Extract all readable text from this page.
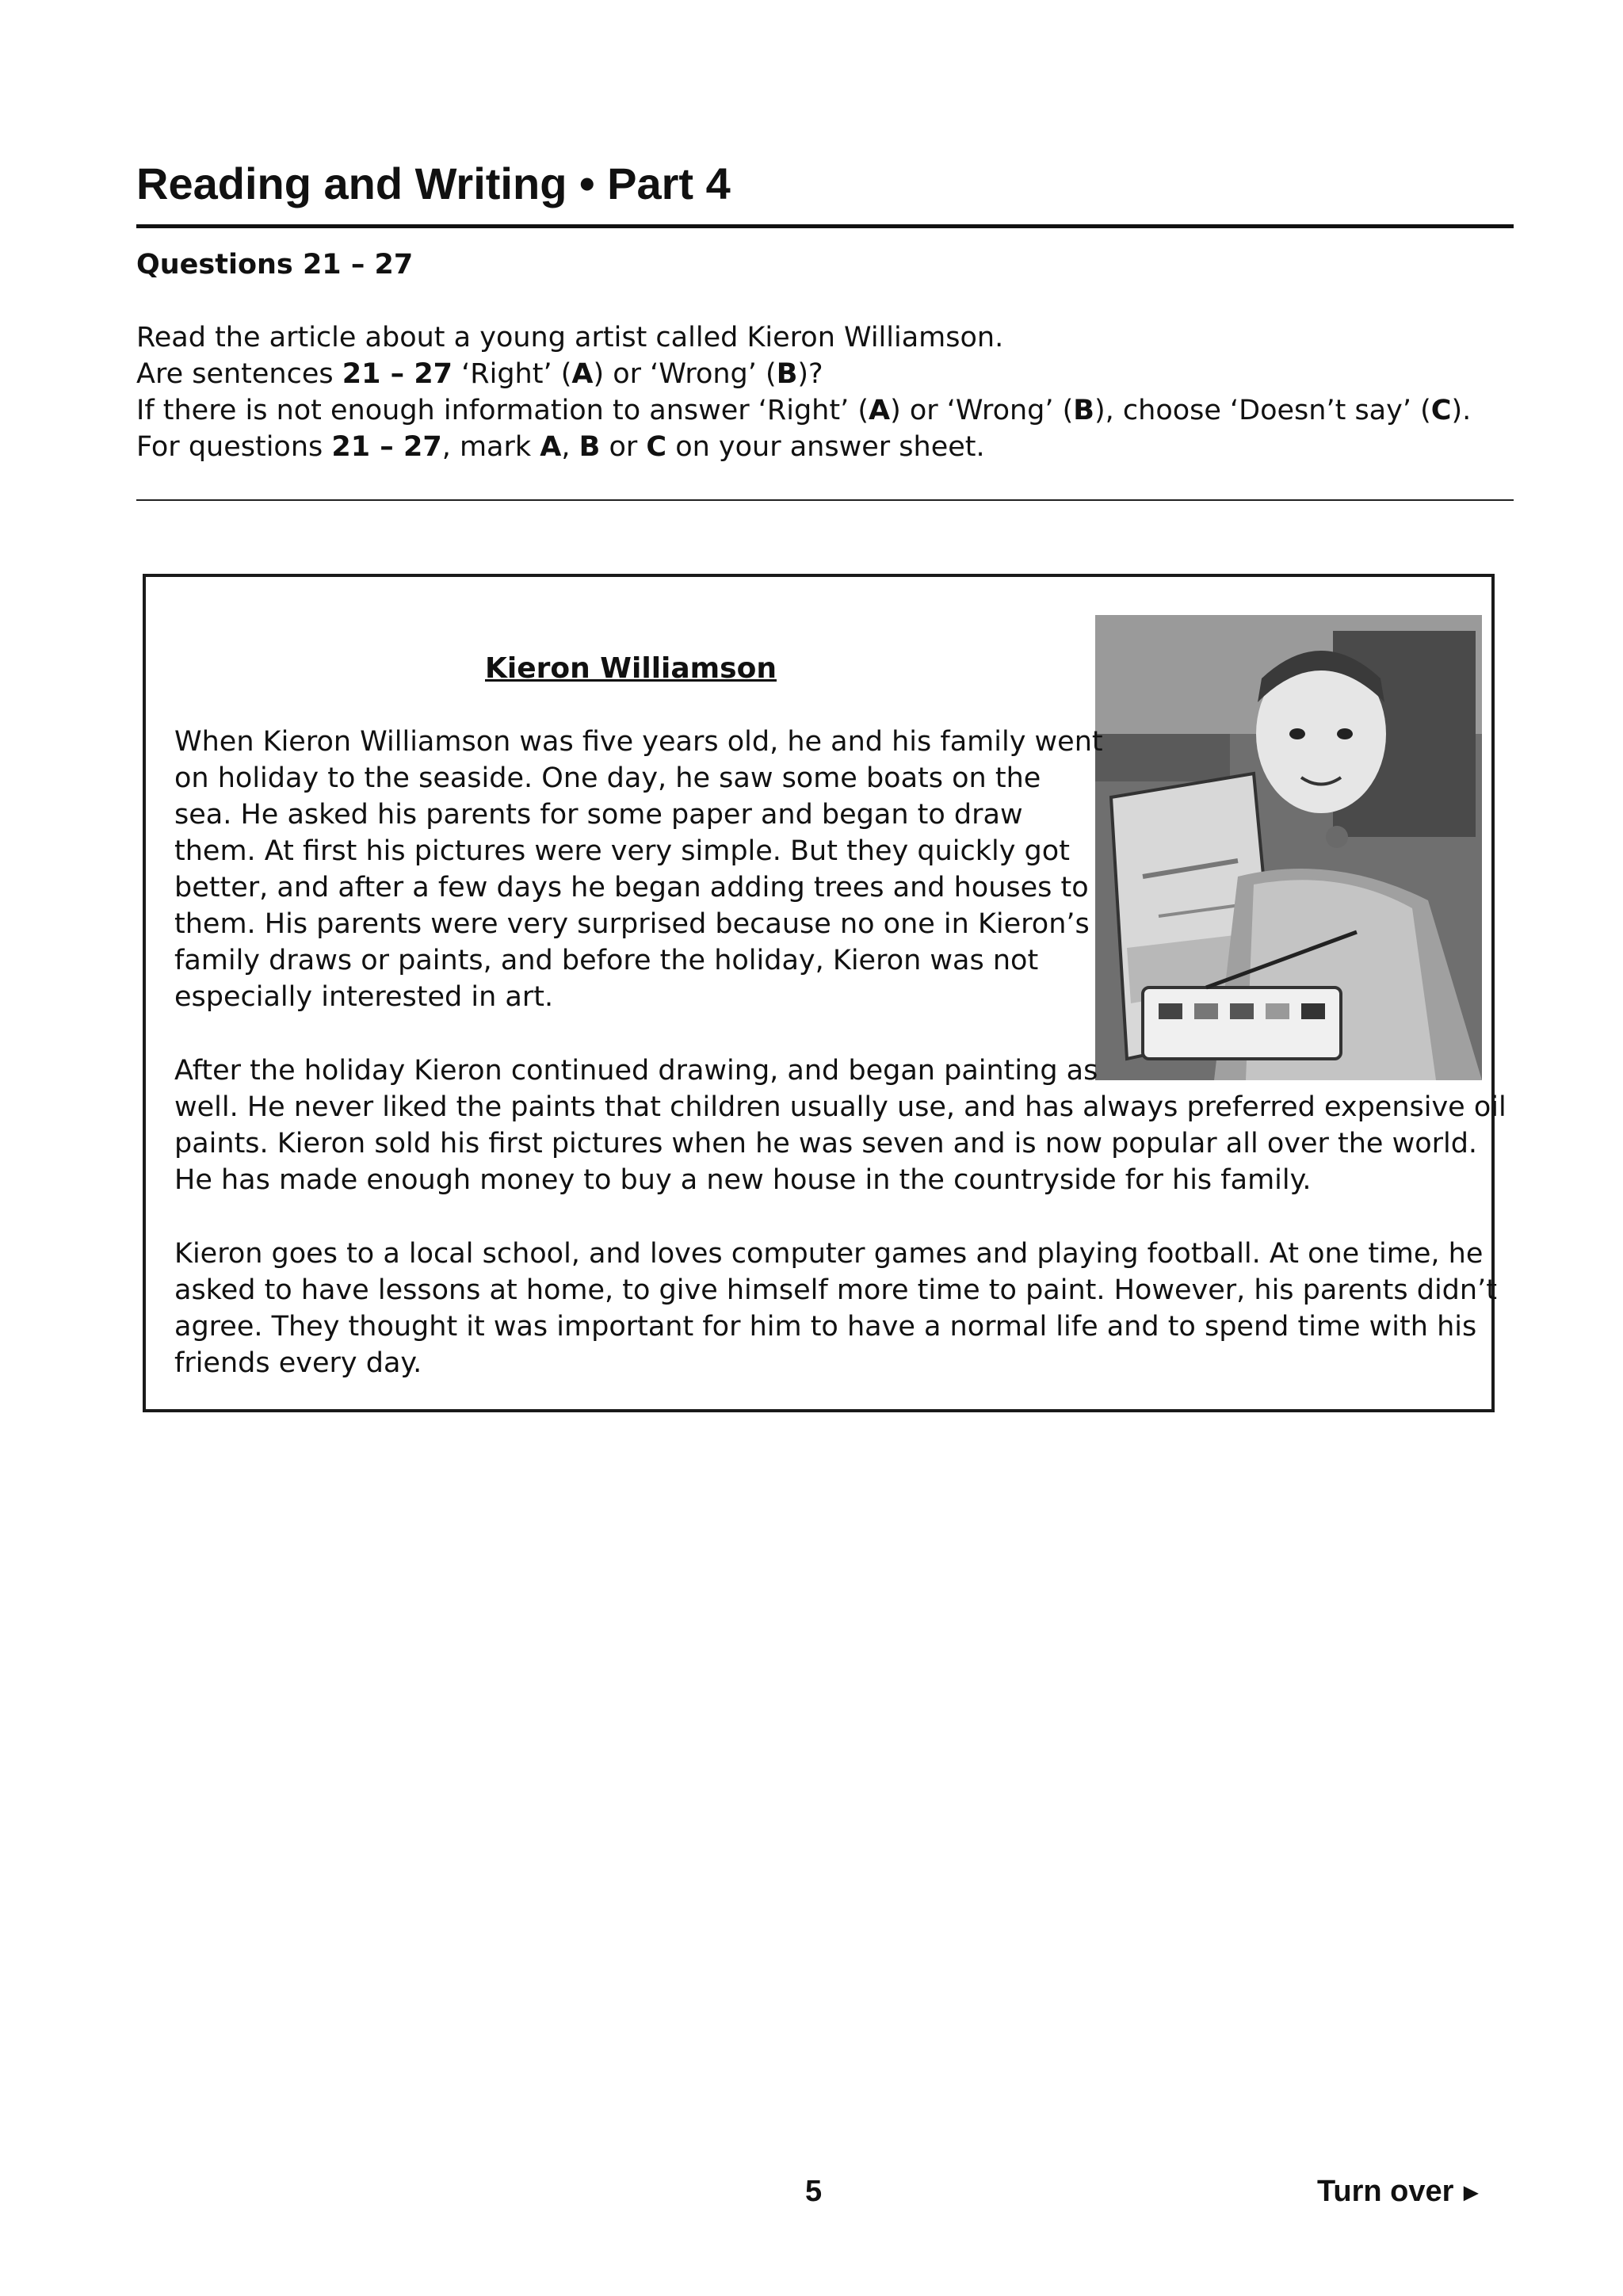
Reading and Writing • Part 4
Questions 21 – 27
Read the article about a young artist called Kieron Williamson.
Are sentences 21 – 27 ‘Right’ (A) or ‘Wrong’ (B)?
If there is not enough information to answer ‘Right’ (A) or ‘Wrong’ (B), choose ‘Doesn’t say’ (C).
For questions 21 – 27, mark A, B or C on your answer sheet.
Kieron Williamson
When Kieron Williamson was five years old, he and his family went
on holiday to the seaside. One day, he saw some boats on the
sea. He asked his parents for some paper and began to draw
them. At first his pictures were very simple. But they quickly got
better, and after a few days he began adding trees and houses to
them. His parents were very surprised because no one in Kieron’s
family draws or paints, and before the holiday, Kieron was not
especially interested in art.
After the holiday Kieron continued drawing, and began painting as
well. He never liked the paints that children usually use, and has always preferred expensive oil
paints. Kieron sold his first pictures when he was seven and is now popular all over the world.
He has made enough money to buy a new house in the countryside for his family.
Kieron goes to a local school, and loves computer games and playing football. At one time, he
asked to have lessons at home, to give himself more time to paint. However, his parents didn’t
agree. They thought it was important for him to have a normal life and to spend time with his
friends every day.
5	Turn over ►
